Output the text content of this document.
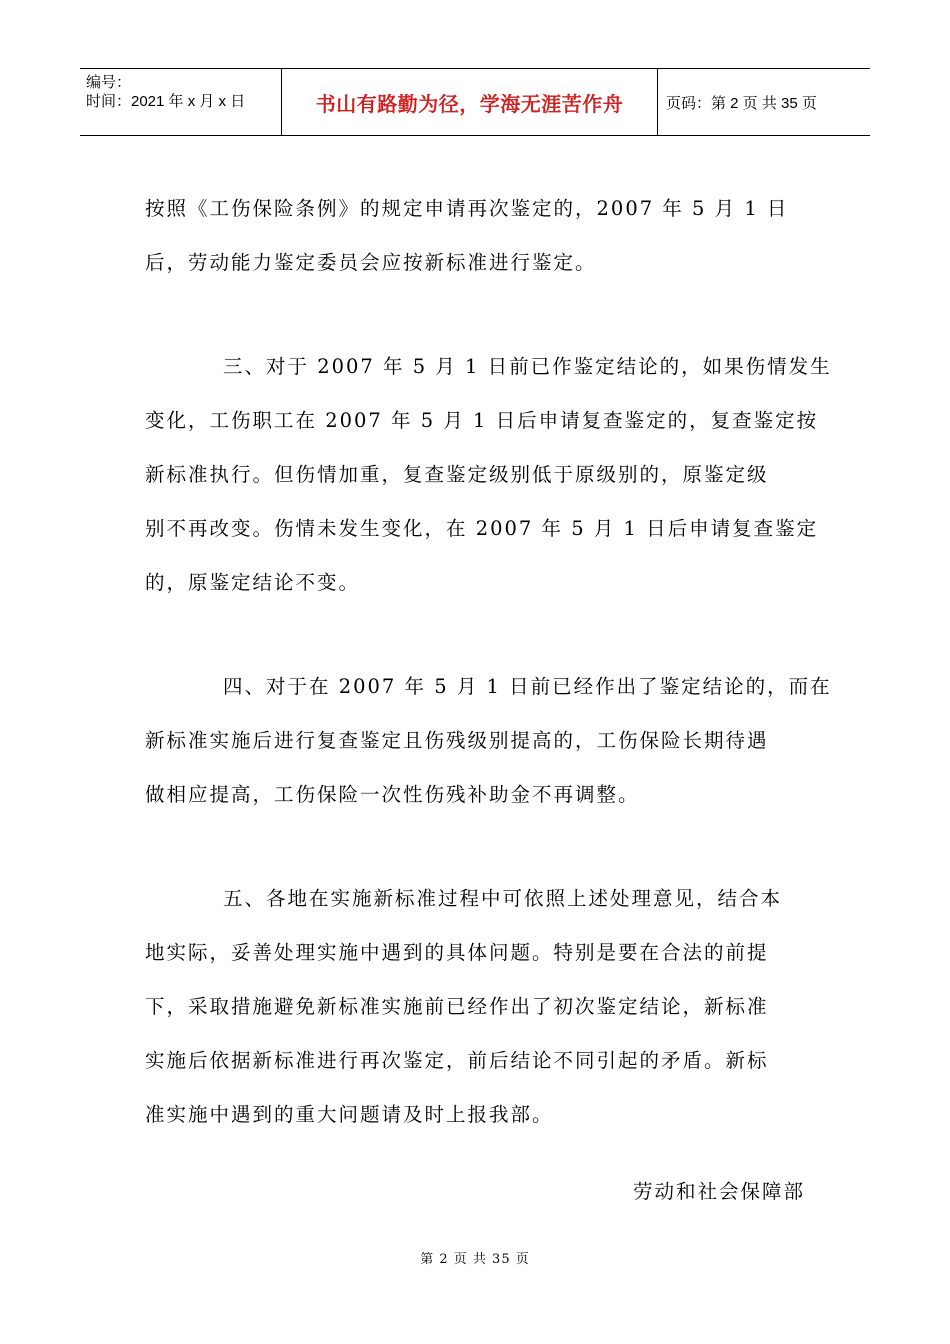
编号：
时间：2021 年 x 月 x 日	书山有路勤为径，学海无涯苦作舟	页码：第 2 页 共 35 页

按照《工伤保险条例》的规定申请再次鉴定的，2007 年 5 月 1 日
后，劳动能力鉴定委员会应按新标准进行鉴定。

三、对于 2007 年 5 月 1 日前已作鉴定结论的，如果伤情发生
变化，工伤职工在 2007 年 5 月 1 日后申请复查鉴定的，复查鉴定按
新标准执行。但伤情加重，复查鉴定级别低于原级别的，原鉴定级
别不再改变。伤情未发生变化，在 2007 年 5 月 1 日后申请复查鉴定
的，原鉴定结论不变。

四、对于在 2007 年 5 月 1 日前已经作出了鉴定结论的，而在
新标准实施后进行复查鉴定且伤残级别提高的，工伤保险长期待遇
做相应提高，工伤保险一次性伤残补助金不再调整。

五、各地在实施新标准过程中可依照上述处理意见，结合本
地实际，妥善处理实施中遇到的具体问题。特别是要在合法的前提
下，采取措施避免新标准实施前已经作出了初次鉴定结论，新标准
实施后依据新标准进行再次鉴定，前后结论不同引起的矛盾。新标
准实施中遇到的重大问题请及时上报我部。

劳动和社会保障部
第 2 页 共 35 页
